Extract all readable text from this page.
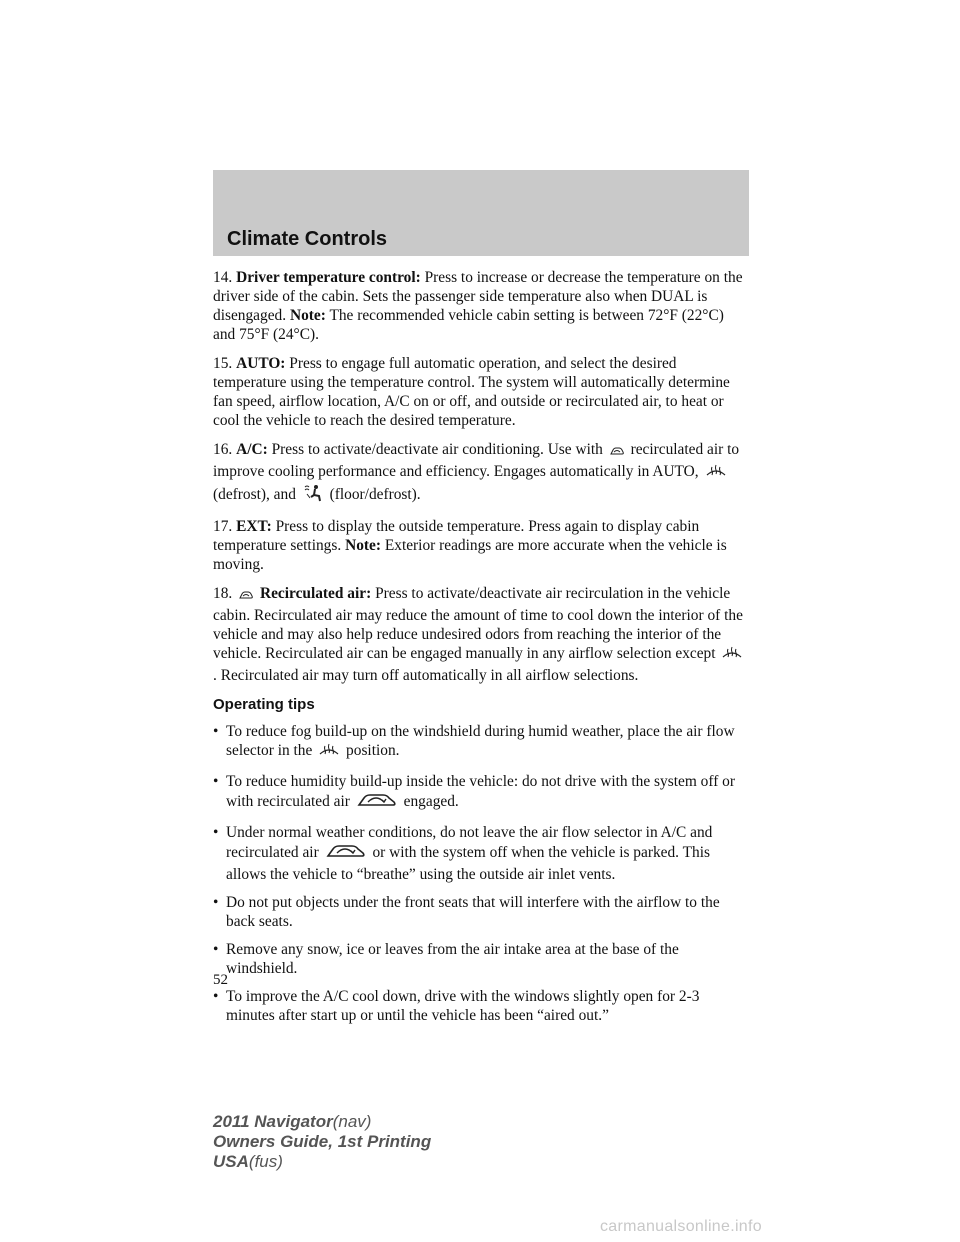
Climate Controls

14. Driver temperature control: Press to increase or decrease the temperature on the driver side of the cabin. Sets the passenger side temperature also when DUAL is disengaged. Note: The recommended vehicle cabin setting is between 72°F (22°C) and 75°F (24°C).

15. AUTO: Press to engage full automatic operation, and select the desired temperature using the temperature control. The system will automatically determine fan speed, airflow location, A/C on or off, and outside or recirculated air, to heat or cool the vehicle to reach the desired temperature.

16. A/C: Press to activate/deactivate air conditioning. Use with recirculated air to improve cooling performance and efficiency. Engages automatically in AUTO,  (defrost), and (floor/defrost).

17. EXT: Press to display the outside temperature. Press again to display cabin temperature settings. Note: Exterior readings are more accurate when the vehicle is moving.

18. Recirculated air: Press to activate/deactivate air recirculation in the vehicle cabin. Recirculated air may reduce the amount of time to cool down the interior of the vehicle and may also help reduce undesired odors from reaching the interior of the vehicle. Recirculated air can be engaged manually in any airflow selection except  . Recirculated air may turn off automatically in all airflow selections.

Operating tips
• To reduce fog build-up on the windshield during humid weather, place the air flow selector in the position.
• To reduce humidity build-up inside the vehicle: do not drive with the system off or with recirculated air	engaged.
• Under normal weather conditions, do not leave the air flow selector in A/C and recirculated air	or with the system off when the vehicle is parked. This allows the vehicle to “breathe” using the outside air inlet vents.
• Do not put objects under the front seats that will interfere with the airflow to the back seats.
• Remove any snow, ice or leaves from the air intake area at the base of the windshield.
• To improve the A/C cool down, drive with the windows slightly open for 2-3 minutes after start up or until the vehicle has been “aired out.”
52
2011 Navigator(nav)
Owners Guide, 1st Printing
USA(fus)
carmanualsonline.info
